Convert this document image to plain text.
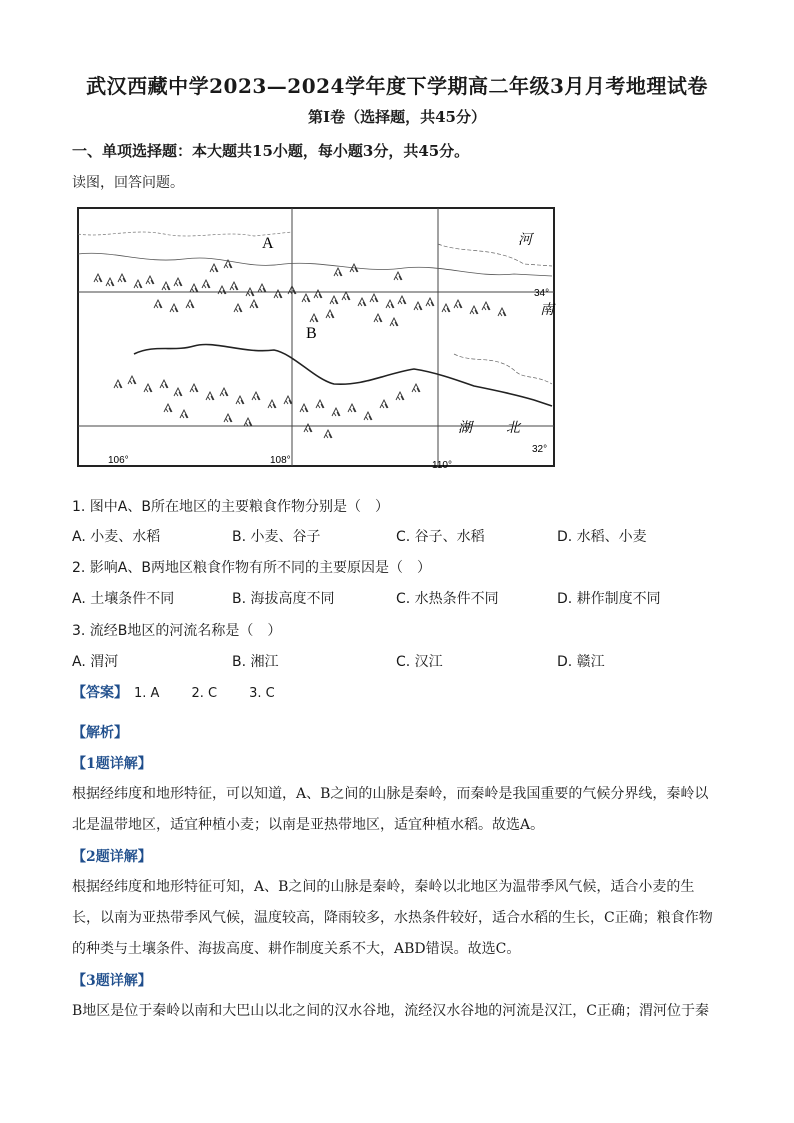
武汉西藏中学2023—2024学年度下学期高二年级3月月考地理试卷
第I卷（选择题，共45分）
一、单项选择题：本大题共15小题，每小题3分，共45分。
读图，回答问题。
A
B
106°	108°	110°
34°
32°
河
南
湖 北
1. 图中A、B所在地区的主要粮食作物分别是（　）
A. 小麦、水稻	B. 小麦、谷子	C. 谷子、水稻	D. 水稻、小麦
2. 影响A、B两地区粮食作物有所不同的主要原因是（　）
A. 土壤条件不同	B. 海拔高度不同	C. 水热条件不同	D. 耕作制度不同
3. 流经B地区的河流名称是（　）
A. 渭河	B. 湘江	C. 汉江	D. 赣江
【答案】 1. A 2. C 3. C
【解析】
【1题详解】
根据经纬度和地形特征，可以知道，A、B之间的山脉是秦岭，而秦岭是我国重要的气候分界线，秦岭以北是温带地区，适宜种植小麦；以南是亚热带地区，适宜种植水稻。故选A。
【2题详解】
根据经纬度和地形特征可知，A、B之间的山脉是秦岭，秦岭以北地区为温带季风气候，适合小麦的生长，以南为亚热带季风气候，温度较高，降雨较多，水热条件较好，适合水稻的生长，C正确；粮食作物的种类与土壤条件、海拔高度、耕作制度关系不大，ABD错误。故选C。
【3题详解】
B地区是位于秦岭以南和大巴山以北之间的汉水谷地，流经汉水谷地的河流是汉江，C正确；渭河位于秦
